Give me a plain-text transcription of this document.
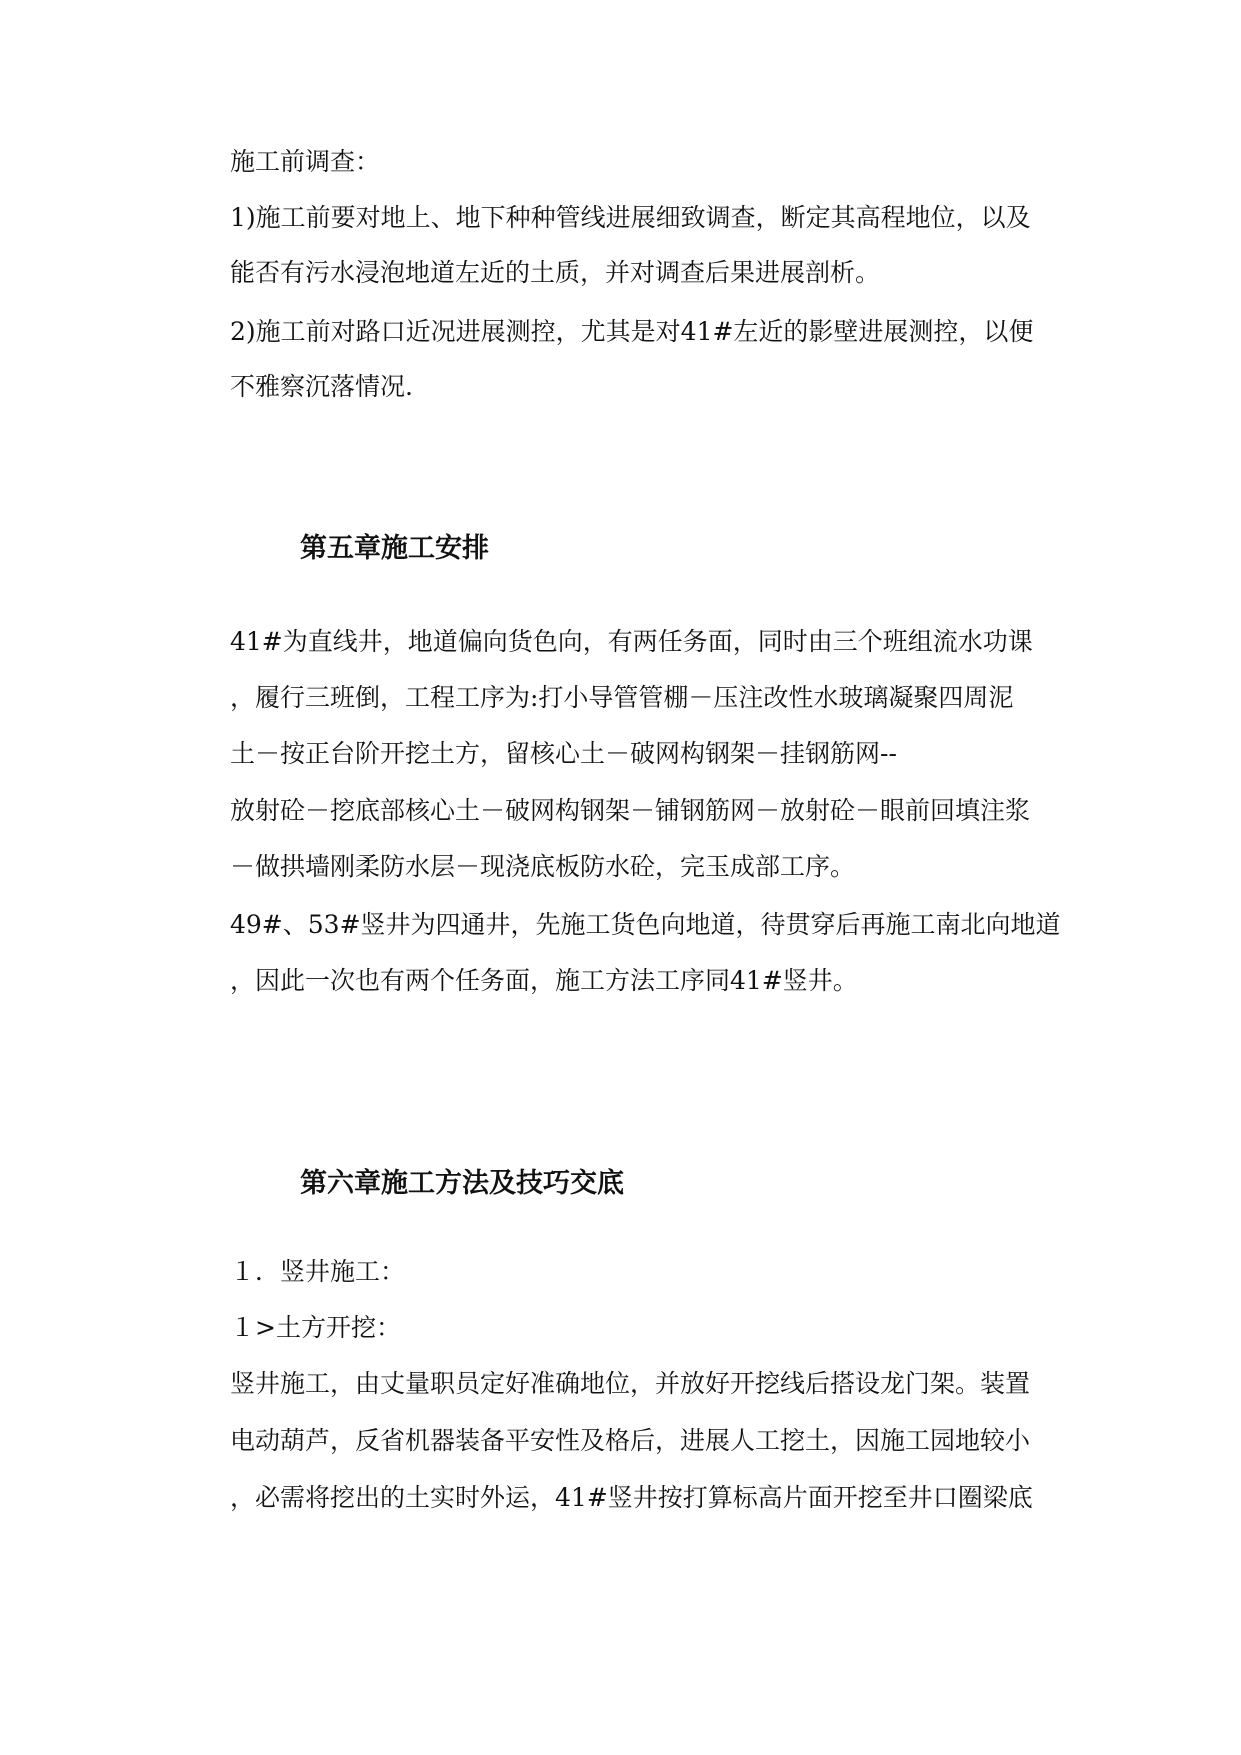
施工前调查：
1)施工前要对地上、地下种种管线进展细致调查，断定其高程地位，以及
能否有污水浸泡地道左近的土质，并对调查后果进展剖析。
2)施工前对路口近况进展测控，尤其是对41#左近的影壁进展测控，以便
不雅察沉落情况.
第五章施工安排
41#为直线井，地道偏向货色向，有两任务面，同时由三个班组流水功课
，履行三班倒，工程工序为:打小导管管棚－压注改性水玻璃凝聚四周泥
土－按正台阶开挖土方，留核心土－破网构钢架－挂钢筋网--
放射砼－挖底部核心土－破网构钢架－铺钢筋网－放射砼－眼前回填注浆
－做拱墙刚柔防水层－现浇底板防水砼，完玉成部工序。
49#、53#竖井为四通井，先施工货色向地道，待贯穿后再施工南北向地道
，因此一次也有两个任务面，施工方法工序同41#竖井。
第六章施工方法及技巧交底
１．竖井施工：
１>土方开挖：
竖井施工，由丈量职员定好准确地位，并放好开挖线后搭设龙门架。装置
电动葫芦，反省机器装备平安性及格后，进展人工挖土，因施工园地较小
，必需将挖出的土实时外运，41#竖井按打算标高片面开挖至井口圈梁底
